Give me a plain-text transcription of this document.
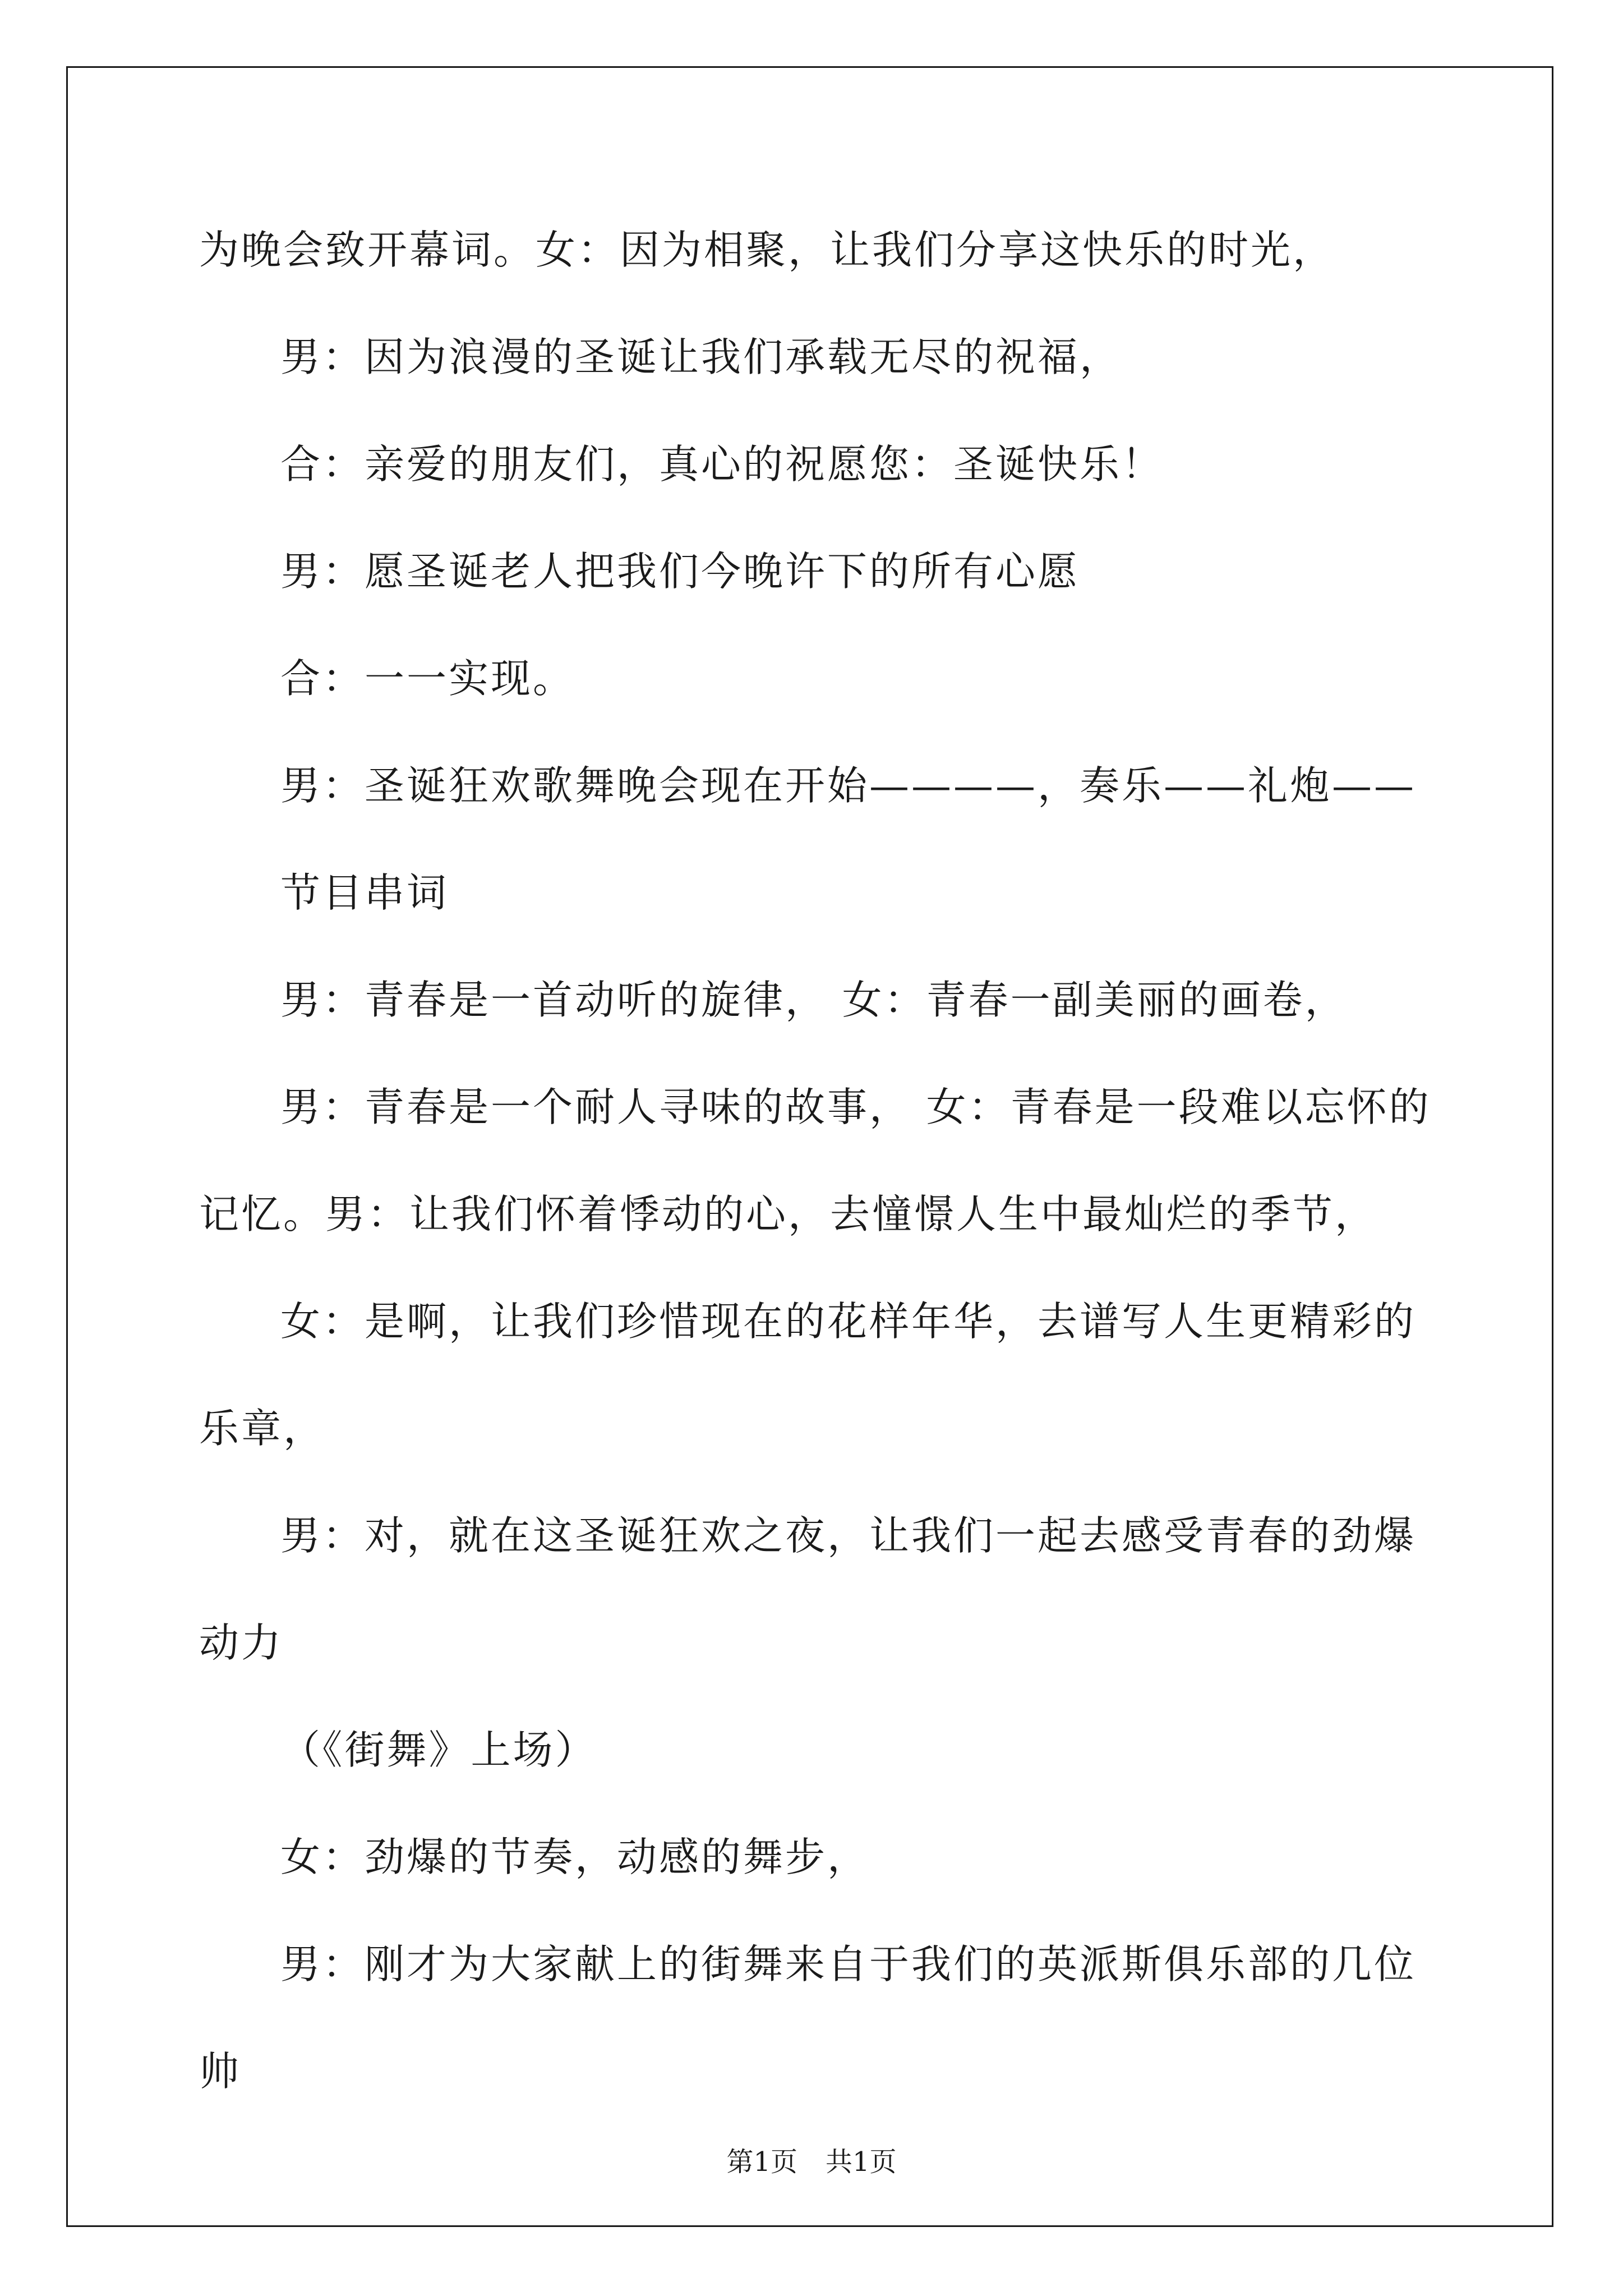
为晚会致开幕词。女：因为相聚，让我们分享这快乐的时光，

男：因为浪漫的圣诞让我们承载无尽的祝福，

合：亲爱的朋友们，真心的祝愿您：圣诞快乐！

男：愿圣诞老人把我们今晚许下的所有心愿

合：一一实现。

男：圣诞狂欢歌舞晚会现在开始————，奏乐——礼炮——

节目串词

男：青春是一首动听的旋律， 女：青春一副美丽的画卷，

男：青春是一个耐人寻味的故事， 女：青春是一段难以忘怀的记忆。男：让我们怀着悸动的心，去憧憬人生中最灿烂的季节，

女：是啊，让我们珍惜现在的花样年华，去谱写人生更精彩的乐章，

男：对，就在这圣诞狂欢之夜，让我们一起去感受青春的劲爆动力

（《街舞》上场）

女：劲爆的节奏，动感的舞步，

男：刚才为大家献上的街舞来自于我们的英派斯俱乐部的几位帅

第1页 共1页
